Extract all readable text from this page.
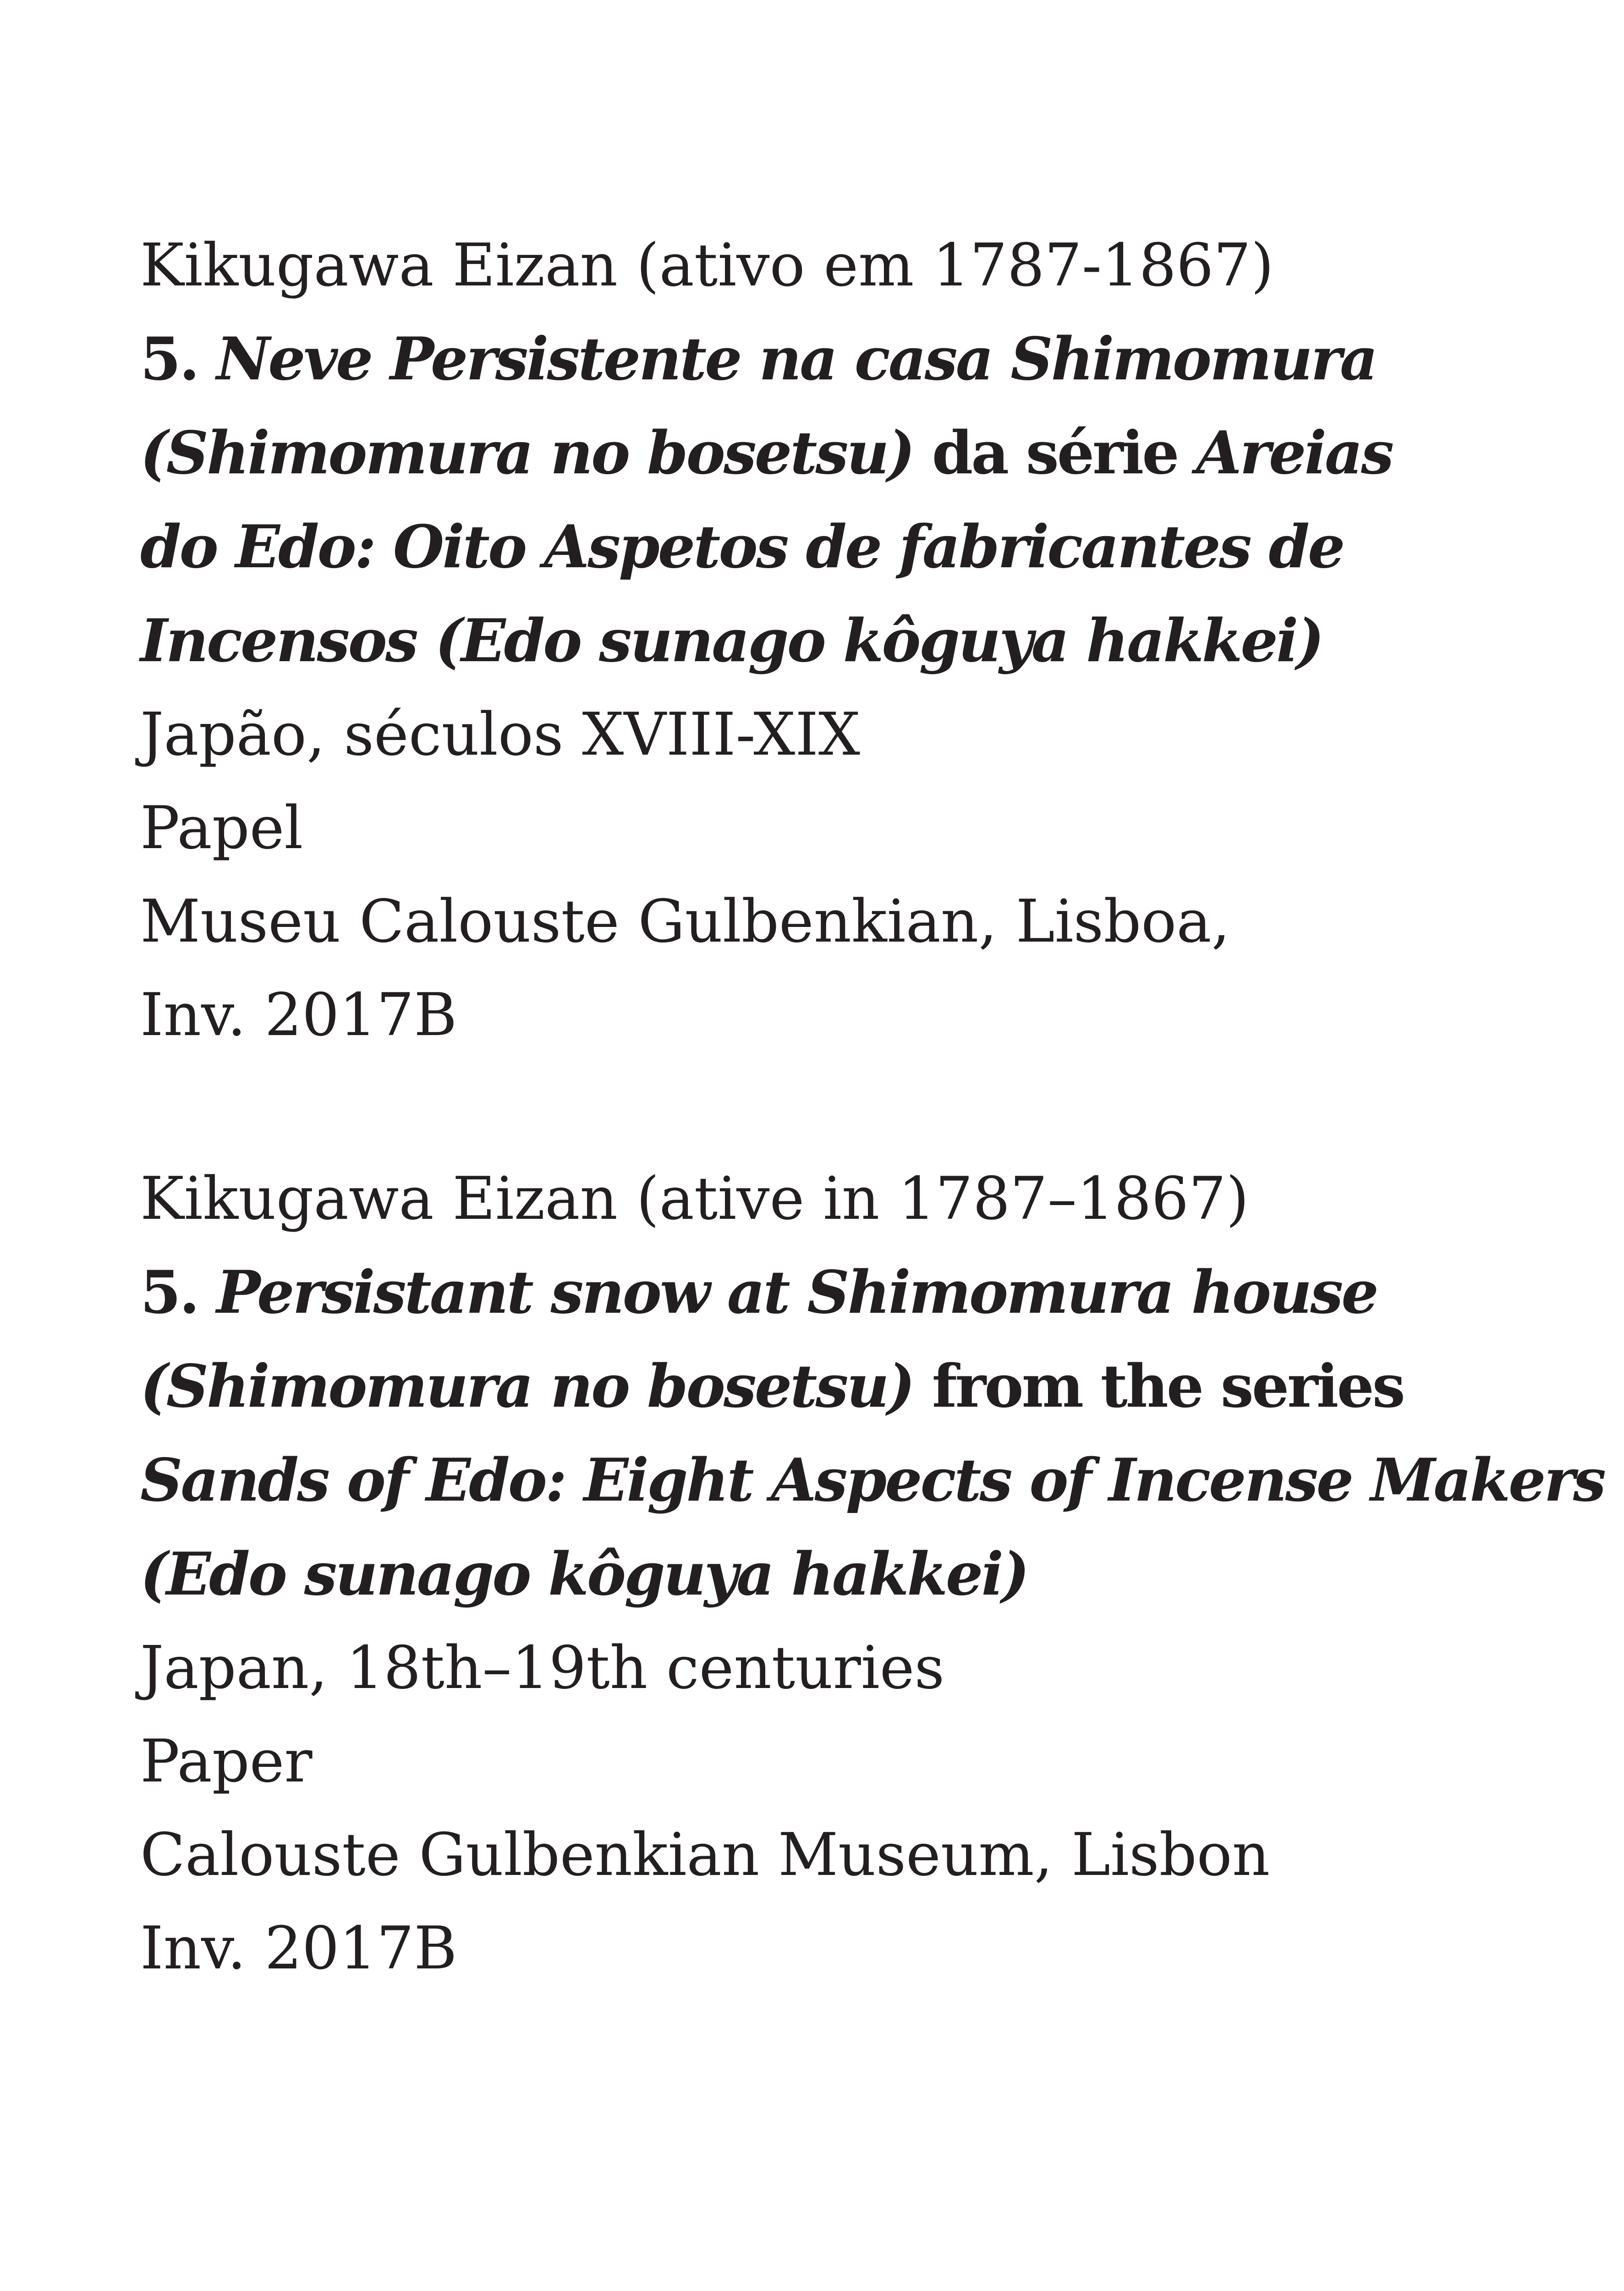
Kikugawa Eizan (ativo em 1787-1867)
5. Neve Persistente na casa Shimomura
(Shimomura no bosetsu) da série Areias
do Edo: Oito Aspetos de fabricantes de
Incensos (Edo sunago kôguya hakkei)
Japão, séculos XVIII-XIX
Papel
Museu Calouste Gulbenkian, Lisboa,
Inv. 2017B
Kikugawa Eizan (ative in 1787–1867)
5. Persistant snow at Shimomura house
(Shimomura no bosetsu) from the series
Sands of Edo: Eight Aspects of Incense Makers
(Edo sunago kôguya hakkei)
Japan, 18th–19th centuries
Paper
Calouste Gulbenkian Museum, Lisbon
Inv. 2017B
